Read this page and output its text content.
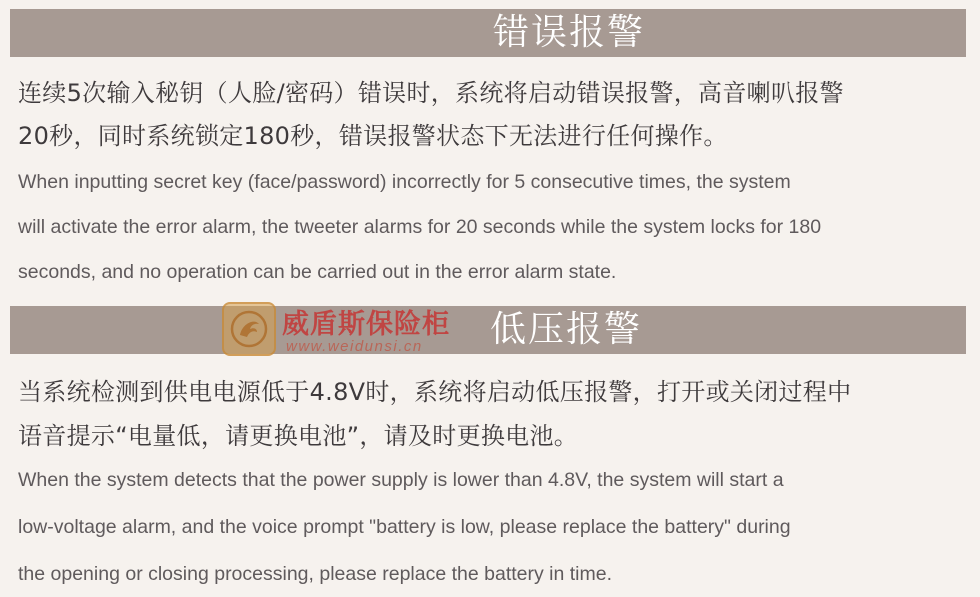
错误报警
连续5次输入秘钥（人脸/密码）错误时，系统将启动错误报警，高音喇叭报警
20秒，同时系统锁定180秒，错误报警状态下无法进行任何操作。
When inputting secret key (face/password) incorrectly for 5 consecutive times, the system
will activate the error alarm, the tweeter alarms for 20 seconds while the system locks for 180
seconds, and no operation can be carried out in the error alarm state.
低压报警
威盾斯保险柜
www.weidunsi.cn
当系统检测到供电电源低于4.8V时，系统将启动低压报警，打开或关闭过程中
语音提示“电量低，请更换电池”，请及时更换电池。
When the system detects that the power supply is lower than 4.8V, the system will start a
low-voltage alarm, and the voice prompt "battery is low, please replace the battery" during
the opening or closing processing, please replace the battery in time.
